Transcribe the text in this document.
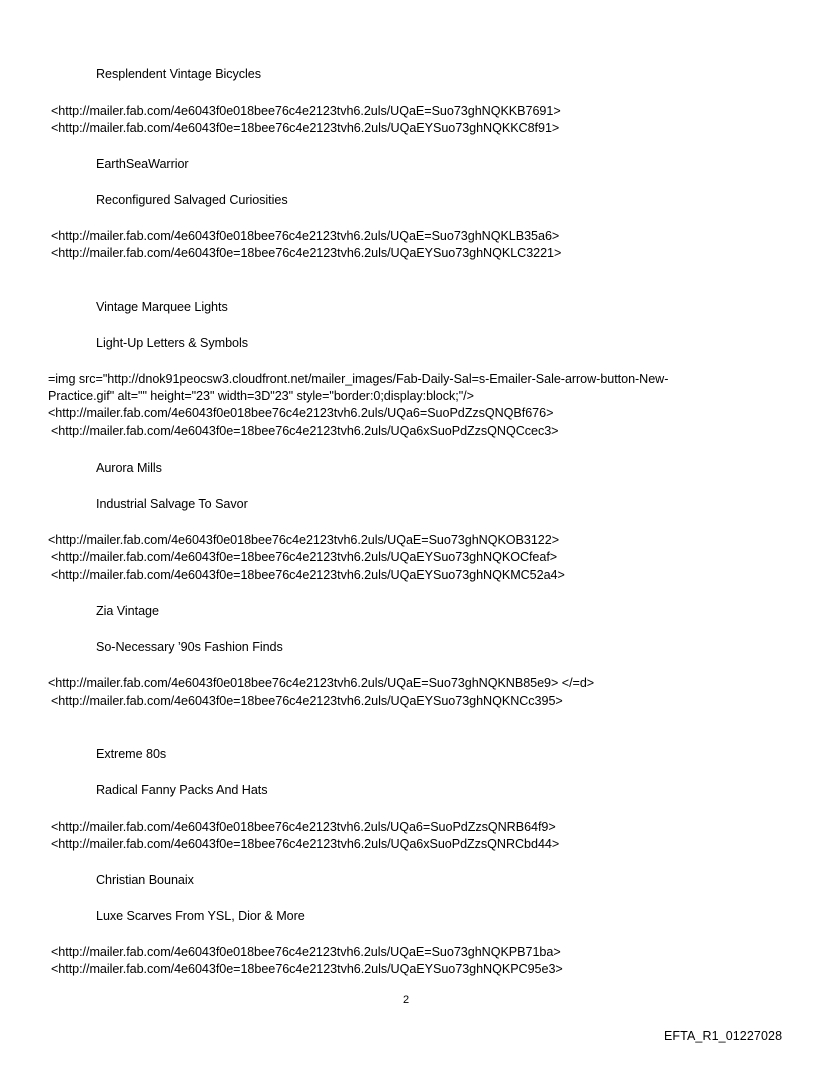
Resplendent Vintage Bicycles
<http://mailer.fab.com/4e6043f0e018bee76c4e2123tvh6.2uls/UQaE=Suo73ghNQKKB7691>
<http://mailer.fab.com/4e6043f0e=18bee76c4e2123tvh6.2uls/UQaEYSuo73ghNQKKC8f91>
EarthSeaWarrior
Reconfigured Salvaged Curiosities
<http://mailer.fab.com/4e6043f0e018bee76c4e2123tvh6.2uls/UQaE=Suo73ghNQKLB35a6>
<http://mailer.fab.com/4e6043f0e=18bee76c4e2123tvh6.2uls/UQaEYSuo73ghNQKLC3221>
Vintage Marquee Lights
Light-Up Letters & Symbols
=img src="http://dnok91peocsw3.cloudfront.net/mailer_images/Fab-Daily-Sal=s-Emailer-Sale-arrow-button-New-
Practice.gif" alt="" height="23" width=3D"23" style="border:0;display:block;"/>
<http://mailer.fab.com/4e6043f0e018bee76c4e2123tvh6.2uls/UQa6=SuoPdZzsQNQBf676>
<http://mailer.fab.com/4e6043f0e=18bee76c4e2123tvh6.2uls/UQa6xSuoPdZzsQNQCcec3>
Aurora Mills
Industrial Salvage To Savor
<http://mailer.fab.com/4e6043f0e018bee76c4e2123tvh6.2uls/UQaE=Suo73ghNQKOB3122>
<http://mailer.fab.com/4e6043f0e=18bee76c4e2123tvh6.2uls/UQaEYSuo73ghNQKOCfeaf>
<http://mailer.fab.com/4e6043f0e=18bee76c4e2123tvh6.2uls/UQaEYSuo73ghNQKMC52a4>
Zia Vintage
So-Necessary ’90s Fashion Finds
<http://mailer.fab.com/4e6043f0e018bee76c4e2123tvh6.2uls/UQaE=Suo73ghNQKNB85e9> </=d>
<http://mailer.fab.com/4e6043f0e=18bee76c4e2123tvh6.2uls/UQaEYSuo73ghNQKNCc395>
Extreme 80s
Radical Fanny Packs And Hats
<http://mailer.fab.com/4e6043f0e018bee76c4e2123tvh6.2uls/UQa6=SuoPdZzsQNRB64f9>
<http://mailer.fab.com/4e6043f0e=18bee76c4e2123tvh6.2uls/UQa6xSuoPdZzsQNRCbd44>
Christian Bounaix
Luxe Scarves From YSL, Dior & More
<http://mailer.fab.com/4e6043f0e018bee76c4e2123tvh6.2uls/UQaE=Suo73ghNQKPB71ba>
<http://mailer.fab.com/4e6043f0e=18bee76c4e2123tvh6.2uls/UQaEYSuo73ghNQKPC95e3>
2
EFTA_R1_01227028
